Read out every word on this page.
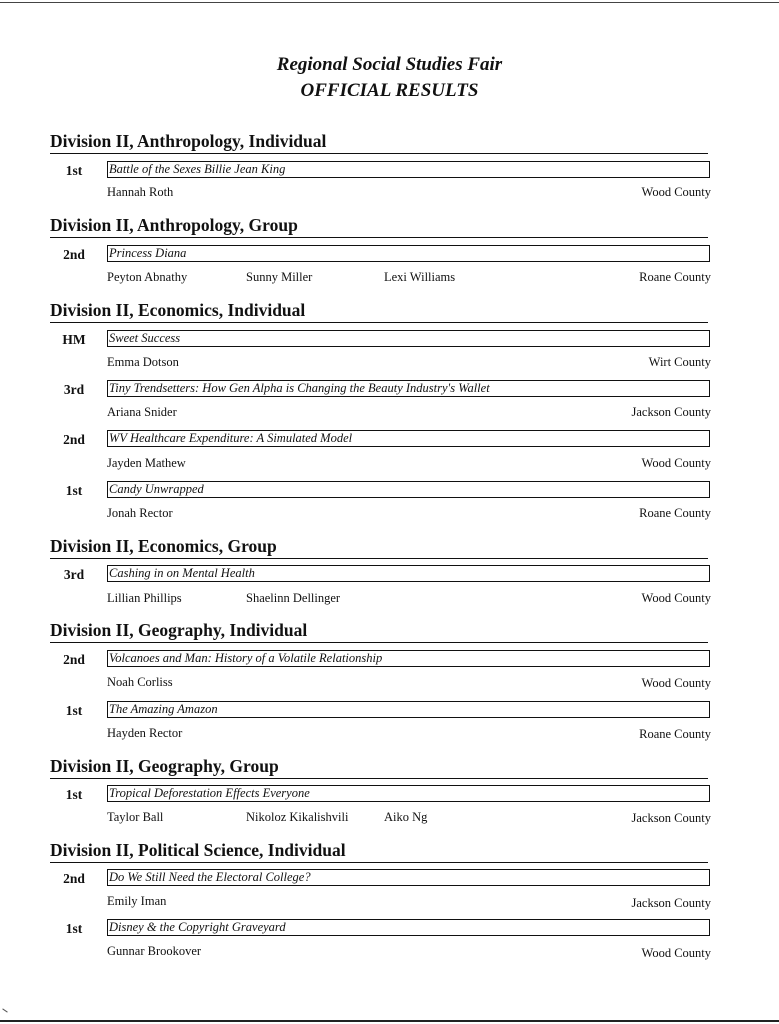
Regional Social Studies Fair
OFFICIAL RESULTS
Division II, Anthropology, Individual
1st	Battle of the Sexes Billie Jean King
Hannah Roth	Wood County
Division II, Anthropology, Group
2nd	Princess Diana
Peyton Abnathy	Sunny Miller	Lexi Williams	Roane County
Division II, Economics, Individual
HM	Sweet Success
Emma Dotson	Wirt County
3rd	Tiny Trendsetters: How Gen Alpha is Changing the Beauty Industry's Wallet
Ariana Snider	Jackson County
2nd	WV Healthcare Expenditure: A Simulated Model
Jayden Mathew	Wood County
1st	Candy Unwrapped
Jonah Rector	Roane County
Division II, Economics, Group
3rd	Cashing in on Mental Health
Lillian Phillips	Shaelinn Dellinger	Wood County
Division II, Geography, Individual
2nd	Volcanoes and Man: History of a Volatile Relationship
Noah Corliss	Wood County
1st	The Amazing Amazon
Hayden Rector	Roane County
Division II, Geography, Group
1st	Tropical Deforestation Effects Everyone
Taylor Ball	Nikoloz Kikalishvili	Aiko Ng	Jackson County
Division II, Political Science, Individual
2nd	Do We Still Need the Electoral College?
Emily Iman	Jackson County
1st	Disney & the Copyright Graveyard
Gunnar Brookover	Wood County
